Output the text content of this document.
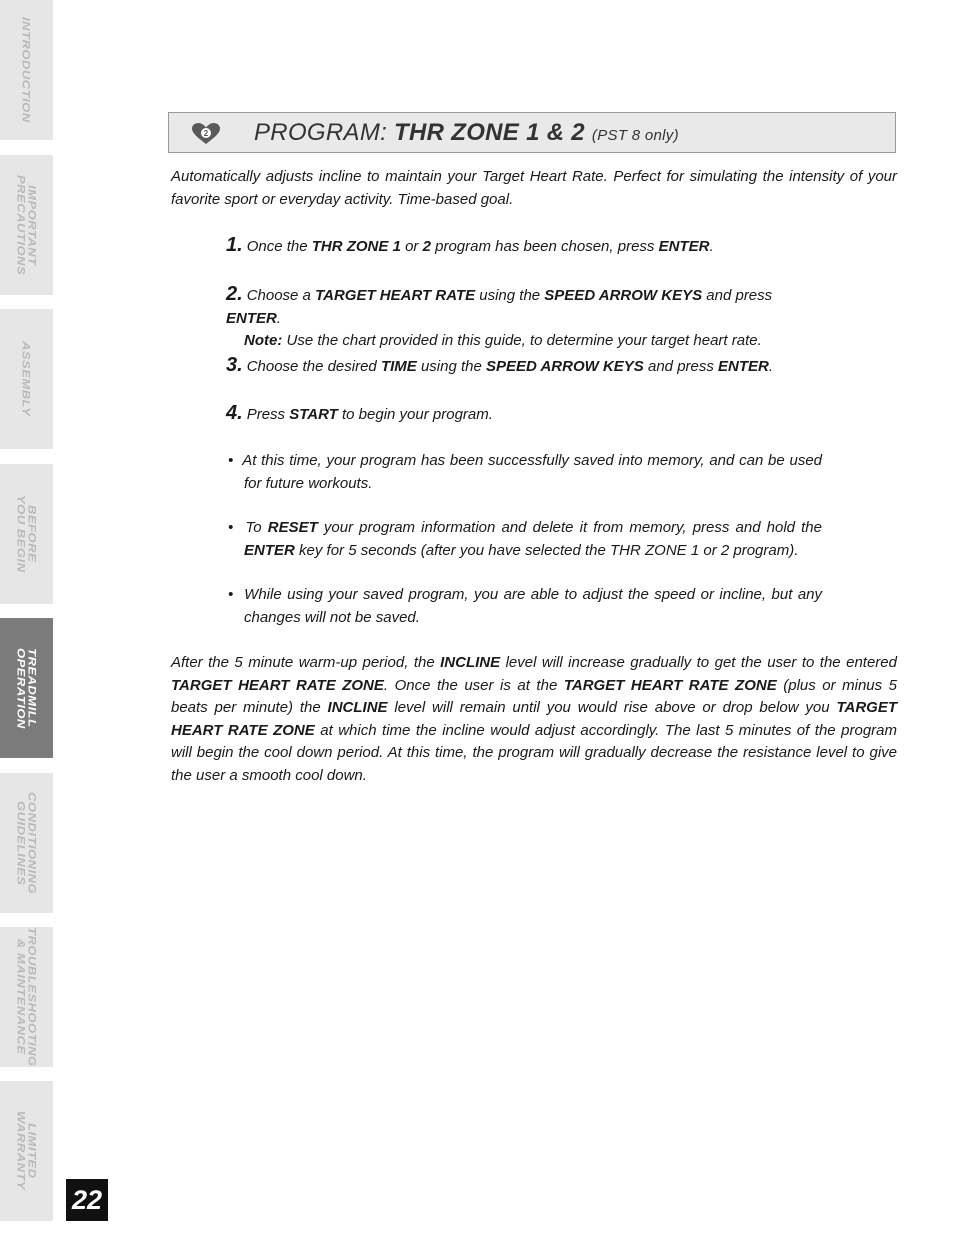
INTRODUCTION
IMPORTANT
PRECAUTIONS
ASSEMBLY
BEFORE
YOU BEGIN
TREADMILL
OPERATION
CONDITIONING
GUIDELINES
TROUBLESHOOTING
& MAINTENANCE
LIMITED
WARRANTY
22
2 PROGRAM: THR ZONE 1 & 2 (PST 8 only)
Automatically adjusts incline to maintain your Target Heart Rate. Perfect for simulating the intensity of your favorite sport or everyday activity. Time-based goal.
1. Once the THR ZONE 1 or 2 program has been chosen, press ENTER.
2. Choose a TARGET HEART RATE using the SPEED ARROW KEYS and press ENTER.
Note: Use the chart provided in this guide, to determine your target heart rate.
3. Choose the desired TIME using the SPEED ARROW KEYS and press ENTER.
4. Press START to begin your program.
•  At this time, your program has been successfully saved into memory, and can be used for future workouts.
•  To RESET your program information and delete it from memory, press and hold the ENTER key for 5 seconds (after you have selected the THR ZONE 1 or 2 program).
•  While using your saved program, you are able to adjust the speed or incline, but any changes will not be saved.
After the 5 minute warm-up period, the INCLINE level will increase gradually to get the user to the entered TARGET HEART RATE ZONE. Once the user is at the TARGET HEART RATE ZONE (plus or minus 5 beats per minute) the INCLINE level will remain until you would rise above or drop below you TARGET HEART RATE ZONE at which time the incline would adjust accordingly. The last 5 minutes of the program will begin the cool down period. At this time, the program will gradually decrease the resistance level to give the user a smooth cool down.
